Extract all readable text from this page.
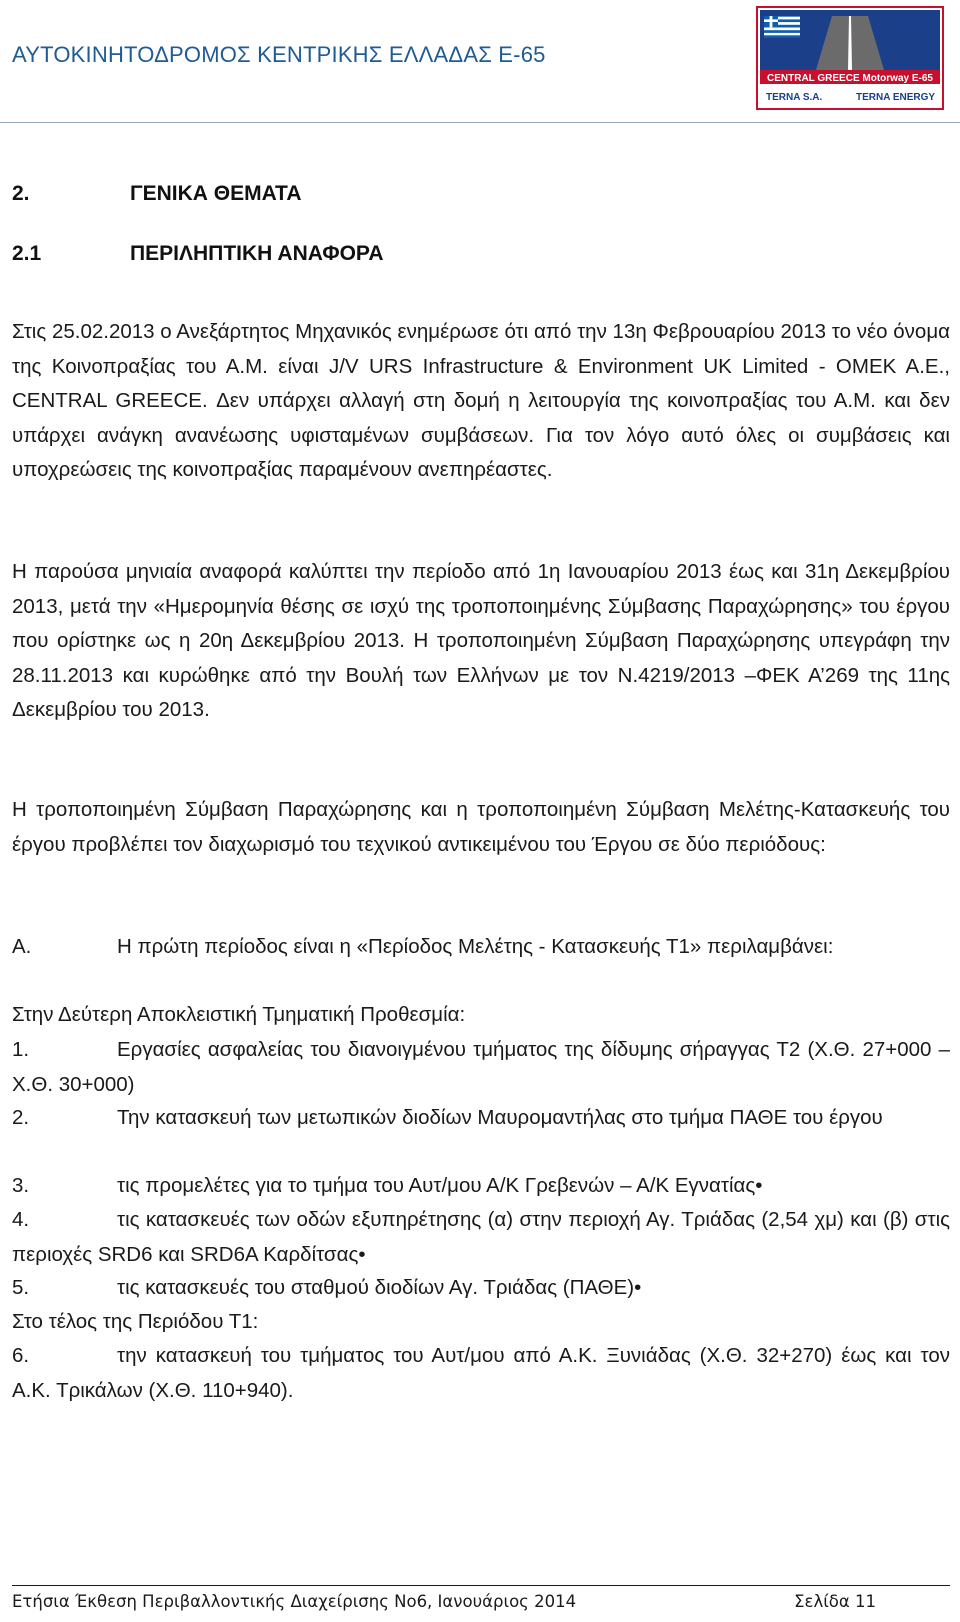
ΑΥΤΟΚΙΝΗΤΟΔΡΟΜΟΣ ΚΕΝΤΡΙΚΗΣ ΕΛΛΑΔΑΣ Ε-65
CENTRAL GREECE Motorway E-65
TERNA S.A.	TERNA ENERGY
2.	ΓΕΝΙΚΑ ΘΕΜΑΤΑ
2.1	ΠΕΡΙΛΗΠΤΙΚΗ ΑΝΑΦΟΡΑ
Στις 25.02.2013 ο Ανεξάρτητος Μηχανικός ενημέρωσε ότι από την 13η Φεβρουαρίου 2013 το νέο όνομα της Κοινοπραξίας του Α.Μ. είναι J/V URS Infrastructure & Environment UK Limited - ΟΜΕΚ Α.Ε., CENTRAL GREECE. Δεν υπάρχει αλλαγή στη δομή η λειτουργία της κοινοπραξίας του Α.Μ. και δεν υπάρχει ανάγκη ανανέωσης υφισταμένων συμβάσεων. Για τον λόγο αυτό όλες οι συμβάσεις και υποχρεώσεις της κοινοπραξίας παραμένουν ανεπηρέαστες.
Η παρούσα μηνιαία αναφορά καλύπτει την περίοδο από 1η Ιανουαρίου 2013 έως και 31η Δεκεμβρίου 2013, μετά την «Ημερομηνία θέσης σε ισχύ της τροποποιημένης Σύμβασης Παραχώρησης» του έργου που ορίστηκε ως η 20η Δεκεμβρίου 2013. Η τροποποιημένη Σύμβαση Παραχώρησης υπεγράφη την 28.11.2013 και κυρώθηκε από την Βουλή των Ελλήνων με τον Ν.4219/2013 –ΦΕΚ Α’269 της 11ης Δεκεμβρίου του 2013.
Η τροποποιημένη Σύμβαση Παραχώρησης και η τροποποιημένη Σύμβαση Μελέτης-Κατασκευής του έργου προβλέπει τον διαχωρισμό του τεχνικού αντικειμένου του Έργου σε δύο περιόδους:
Α.	Η πρώτη περίοδος είναι η «Περίοδος Μελέτης - Κατασκευής Τ1» περιλαμβάνει:
Στην Δεύτερη Αποκλειστική Τμηματική Προθεσμία:
1.	Εργασίες ασφαλείας του διανοιγμένου τμήματος της δίδυμης σήραγγας Τ2 (Χ.Θ. 27+000 – Χ.Θ. 30+000)
2.	Την κατασκευή των μετωπικών διοδίων Μαυρομαντήλας στο τμήμα ΠΑΘΕ του έργου
3.	τις προμελέτες για το τμήμα του Αυτ/μου Α/Κ Γρεβενών – Α/Κ Εγνατίας•
4.	τις κατασκευές των οδών εξυπηρέτησης (α) στην περιοχή Αγ. Τριάδας (2,54 χμ) και (β) στις περιοχές SRD6 και SRD6A Καρδίτσας•
5.	τις κατασκευές του σταθμού διοδίων Αγ. Τριάδας (ΠΑΘΕ)•
Στο τέλος της Περιόδου Τ1:
6.	την κατασκευή του τμήματος του Αυτ/μου από Α.Κ. Ξυνιάδας (Χ.Θ. 32+270) έως και τον Α.Κ. Τρικάλων (Χ.Θ. 110+940).
Ετήσια Έκθεση Περιβαλλοντικής Διαχείρισης Νο6, Ιανουάριος 2014	Σελίδα 11
